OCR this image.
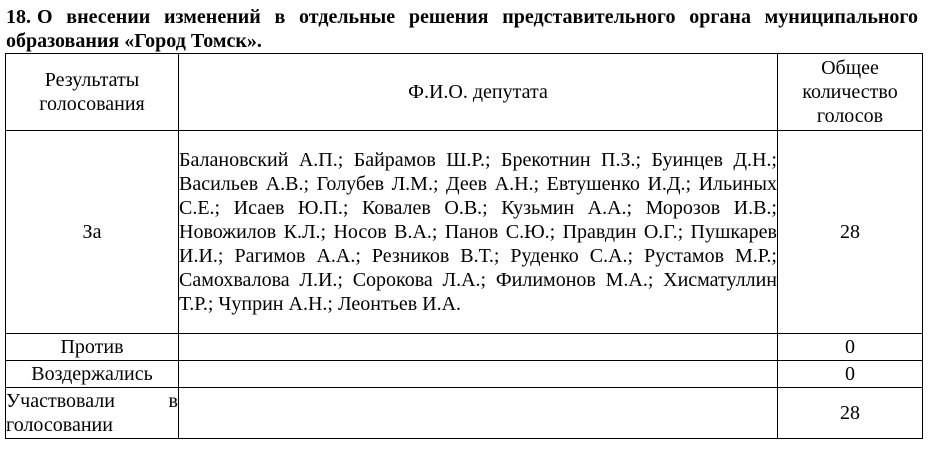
18. О внесении изменений в отдельные решения представительного органа муниципального образования «Город Томск».
Результаты голосования	Ф.И.О. депутата	Общее количество голосов
За	Балановский А.П.; Байрамов Ш.Р.; Брекотнин П.З.; Буинцев Д.Н.; Васильев А.В.; Голубев Л.М.; Деев А.Н.; Евтушенко И.Д.; Ильиных С.Е.; Исаев Ю.П.; Ковалев О.В.; Кузьмин А.А.; Морозов И.В.; Новожилов К.Л.; Носов В.А.; Панов С.Ю.; Правдин О.Г.; Пушкарев И.И.; Рагимов А.А.; Резников В.Т.; Руденко С.А.; Рустамов М.Р.; Самохвалова Л.И.; Сорокова Л.А.; Филимонов М.А.; Хисматуллин Т.Р.; Чуприн А.Н.; Леонтьев И.А.	28
Против		0
Воздержались		0
Участвовали в голосовании		28
